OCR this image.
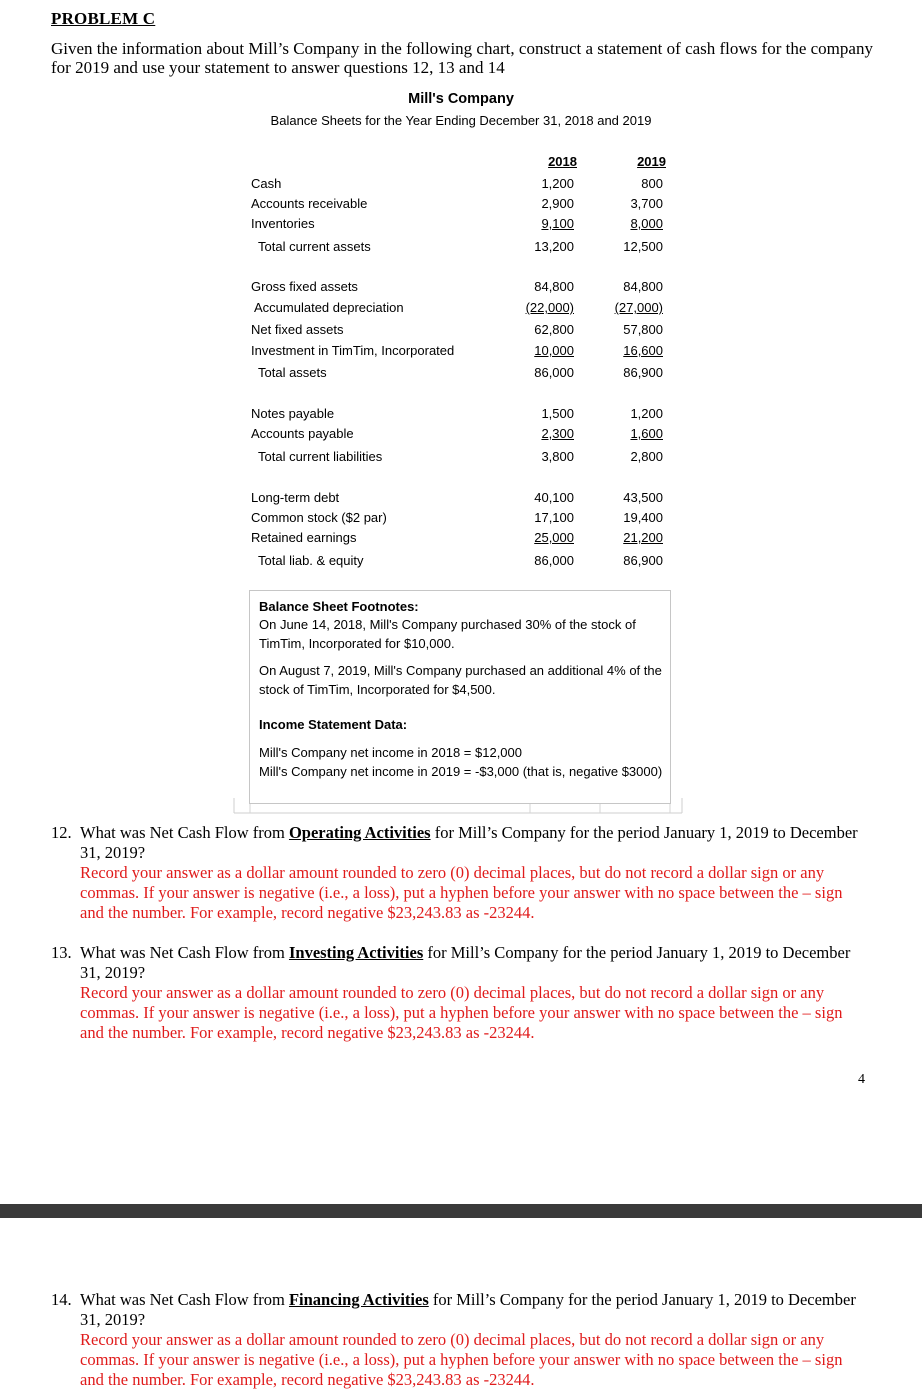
PROBLEM C
Given the information about Mill’s Company in the following chart, construct a statement of cash flows for the company for 2019 and use your statement to answer questions 12, 13 and 14
Mill's Company
Balance Sheets for the Year Ending December 31, 2018 and 2019
2018	2019
Cash	1,200	800
Accounts receivable	2,900	3,700
Inventories	9,100	8,000
Total current assets	13,200	12,500
Gross fixed assets	84,800	84,800
Accumulated depreciation	(22,000)	(27,000)
Net fixed assets	62,800	57,800
Investment in TimTim, Incorporated	10,000	16,600
Total assets	86,000	86,900
Notes payable	1,500	1,200
Accounts payable	2,300	1,600
Total current liabilities	3,800	2,800
Long-term debt	40,100	43,500
Common stock ($2 par)	17,100	19,400
Retained earnings	25,000	21,200
Total liab. & equity	86,000	86,900
Balance Sheet Footnotes:
On June 14, 2018, Mill's Company purchased 30% of the stock of TimTim, Incorporated for $10,000.
On August 7, 2019, Mill's Company purchased an additional 4% of the stock of TimTim, Incorporated for $4,500.
Income Statement Data:
Mill's Company net income in 2018 = $12,000
Mill's Company net income in 2019 = -$3,000 (that is, negative $3000)
12. What was Net Cash Flow from Operating Activities for Mill’s Company for the period January 1, 2019 to December 31, 2019?
Record your answer as a dollar amount rounded to zero (0) decimal places, but do not record a dollar sign or any commas. If your answer is negative (i.e., a loss), put a hyphen before your answer with no space between the – sign and the number. For example, record negative $23,243.83 as -23244.
13. What was Net Cash Flow from Investing Activities for Mill’s Company for the period January 1, 2019 to December 31, 2019?
Record your answer as a dollar amount rounded to zero (0) decimal places, but do not record a dollar sign or any commas. If your answer is negative (i.e., a loss), put a hyphen before your answer with no space between the – sign and the number. For example, record negative $23,243.83 as -23244.
4
14. What was Net Cash Flow from Financing Activities for Mill’s Company for the period January 1, 2019 to December 31, 2019?
Record your answer as a dollar amount rounded to zero (0) decimal places, but do not record a dollar sign or any commas. If your answer is negative (i.e., a loss), put a hyphen before your answer with no space between the – sign and the number. For example, record negative $23,243.83 as -23244.
